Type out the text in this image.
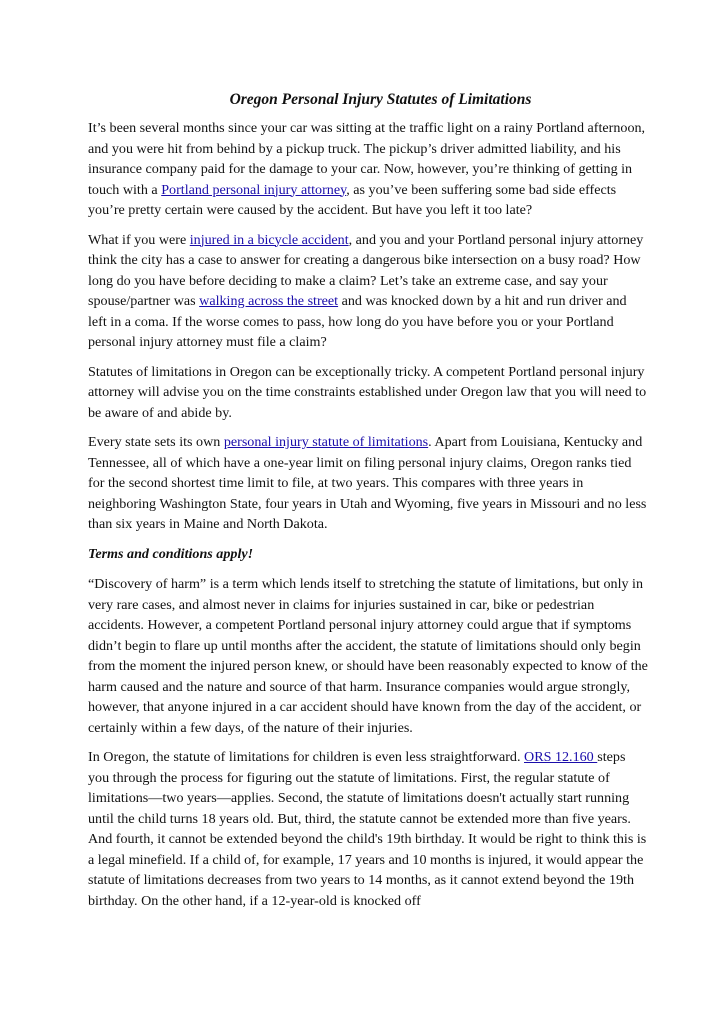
Oregon Personal Injury Statutes of Limitations

It’s been several months since your car was sitting at the traffic light on a rainy Portland afternoon, and you were hit from behind by a pickup truck. The pickup’s driver admitted liability, and his insurance company paid for the damage to your car. Now, however, you’re thinking of getting in touch with a Portland personal injury attorney, as you’ve been suffering some bad side effects you’re pretty certain were caused by the accident. But have you left it too late?

What if you were injured in a bicycle accident, and you and your Portland personal injury attorney think the city has a case to answer for creating a dangerous bike intersection on a busy road? How long do you have before deciding to make a claim? Let’s take an extreme case, and say your spouse/partner was walking across the street and was knocked down by a hit and run driver and left in a coma. If the worse comes to pass, how long do you have before you or your Portland personal injury attorney must file a claim?

Statutes of limitations in Oregon can be exceptionally tricky. A competent Portland personal injury attorney will advise you on the time constraints established under Oregon law that you will need to be aware of and abide by.

Every state sets its own personal injury statute of limitations. Apart from Louisiana, Kentucky and Tennessee, all of which have a one-year limit on filing personal injury claims, Oregon ranks tied for the second shortest time limit to file, at two years. This compares with three years in neighboring Washington State, four years in Utah and Wyoming, five years in Missouri and no less than six years in Maine and North Dakota.

Terms and conditions apply!

“Discovery of harm” is a term which lends itself to stretching the statute of limitations, but only in very rare cases, and almost never in claims for injuries sustained in car, bike or pedestrian accidents. However, a competent Portland personal injury attorney could argue that if symptoms didn’t begin to flare up until months after the accident, the statute of limitations should only begin from the moment the injured person knew, or should have been reasonably expected to know of the harm caused and the nature and source of that harm. Insurance companies would argue strongly, however, that anyone injured in a car accident should have known from the day of the accident, or certainly within a few days, of the nature of their injuries.

In Oregon, the statute of limitations for children is even less straightforward. ORS 12.160 steps you through the process for figuring out the statute of limitations. First, the regular statute of limitations—two years—applies. Second, the statute of limitations doesn't actually start running until the child turns 18 years old. But, third, the statute cannot be extended more than five years. And fourth, it cannot be extended beyond the child's 19th birthday. It would be right to think this is a legal minefield. If a child of, for example, 17 years and 10 months is injured, it would appear the statute of limitations decreases from two years to 14 months, as it cannot extend beyond the 19th birthday. On the other hand, if a 12-year-old is knocked off
